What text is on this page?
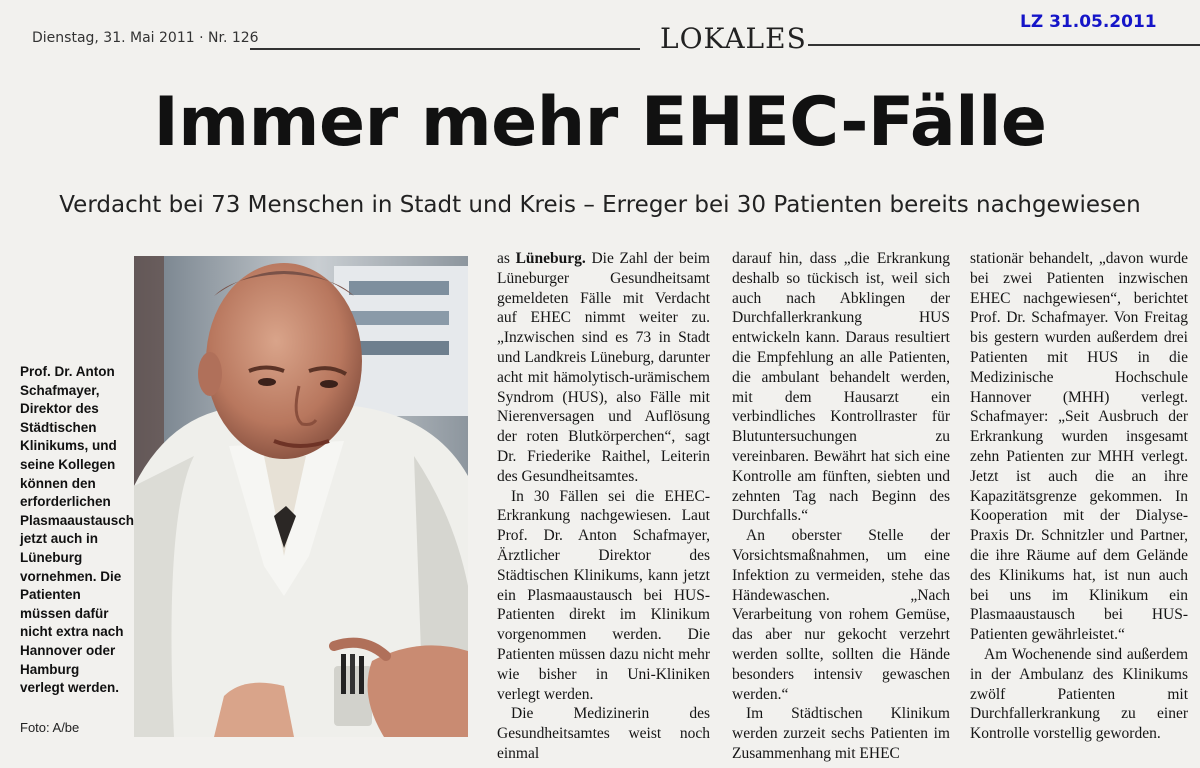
Dienstag, 31. Mai 2011 · Nr. 126	LOKALES	LZ 31.05.2011
Immer mehr EHEC-Fälle
Verdacht bei 73 Menschen in Stadt und Kreis – Erreger bei 30 Patienten bereits nachgewiesen
Prof. Dr. Anton Schafmayer, Direktor des Städtischen Klinikums, und seine Kollegen können den erforderlichen Plasmaaustausch jetzt auch in Lüneburg vornehmen. Die Patienten müssen dafür nicht extra nach Hannover oder Hamburg verlegt werden.
Foto: A/be

as Lüneburg. Die Zahl der beim Lüneburger Gesundheitsamt gemeldeten Fälle mit Verdacht auf EHEC nimmt weiter zu. „Inzwischen sind es 73 in Stadt und Landkreis Lüneburg, darunter acht mit hämolytisch-urämischem Syndrom (HUS), also Fälle mit Nierenversagen und Auflösung der roten Blutkörperchen“, sagt Dr. Friederike Raithel, Leiterin des Gesundheitsamtes.

In 30 Fällen sei die EHEC-Erkrankung nachgewiesen. Laut Prof. Dr. Anton Schafmayer, Ärztlicher Direktor des Städtischen Klinikums, kann jetzt ein Plasmaaustausch bei HUS-Patienten direkt im Klinikum vorgenommen werden. Die Patienten müssen dazu nicht mehr wie bisher in Uni-Kliniken verlegt werden.

Die Medizinerin des Gesundheitsamtes weist noch einmal

darauf hin, dass „die Erkrankung deshalb so tückisch ist, weil sich auch nach Abklingen der Durchfallerkrankung HUS entwickeln kann. Daraus resultiert die Empfehlung an alle Patienten, die ambulant behandelt werden, mit dem Hausarzt ein verbindliches Kontrollraster für Blutuntersuchungen zu vereinbaren. Bewährt hat sich eine Kontrolle am fünften, siebten und zehnten Tag nach Beginn des Durchfalls.“

An oberster Stelle der Vorsichtsmaßnahmen, um eine Infektion zu vermeiden, stehe das Händewaschen. „Nach Verarbeitung von rohem Gemüse, das aber nur gekocht verzehrt werden sollte, sollten die Hände besonders intensiv gewaschen werden.“

Im Städtischen Klinikum werden zurzeit sechs Patienten im Zusammenhang mit EHEC

stationär behandelt, „davon wurde bei zwei Patienten inzwischen EHEC nachgewiesen“, berichtet Prof. Dr. Schafmayer. Von Freitag bis gestern wurden außerdem drei Patienten mit HUS in die Medizinische Hochschule Hannover (MHH) verlegt. Schafmayer: „Seit Ausbruch der Erkrankung wurden insgesamt zehn Patienten zur MHH verlegt. Jetzt ist auch die an ihre Kapazitätsgrenze gekommen. In Kooperation mit der Dialyse-Praxis Dr. Schnitzler und Partner, die ihre Räume auf dem Gelände des Klinikums hat, ist nun auch bei uns im Klinikum ein Plasmaaustausch bei HUS-Patienten gewährleistet.“

Am Wochenende sind außerdem in der Ambulanz des Klinikums zwölf Patienten mit Durchfallerkrankung zu einer Kontrolle vorstellig geworden.
